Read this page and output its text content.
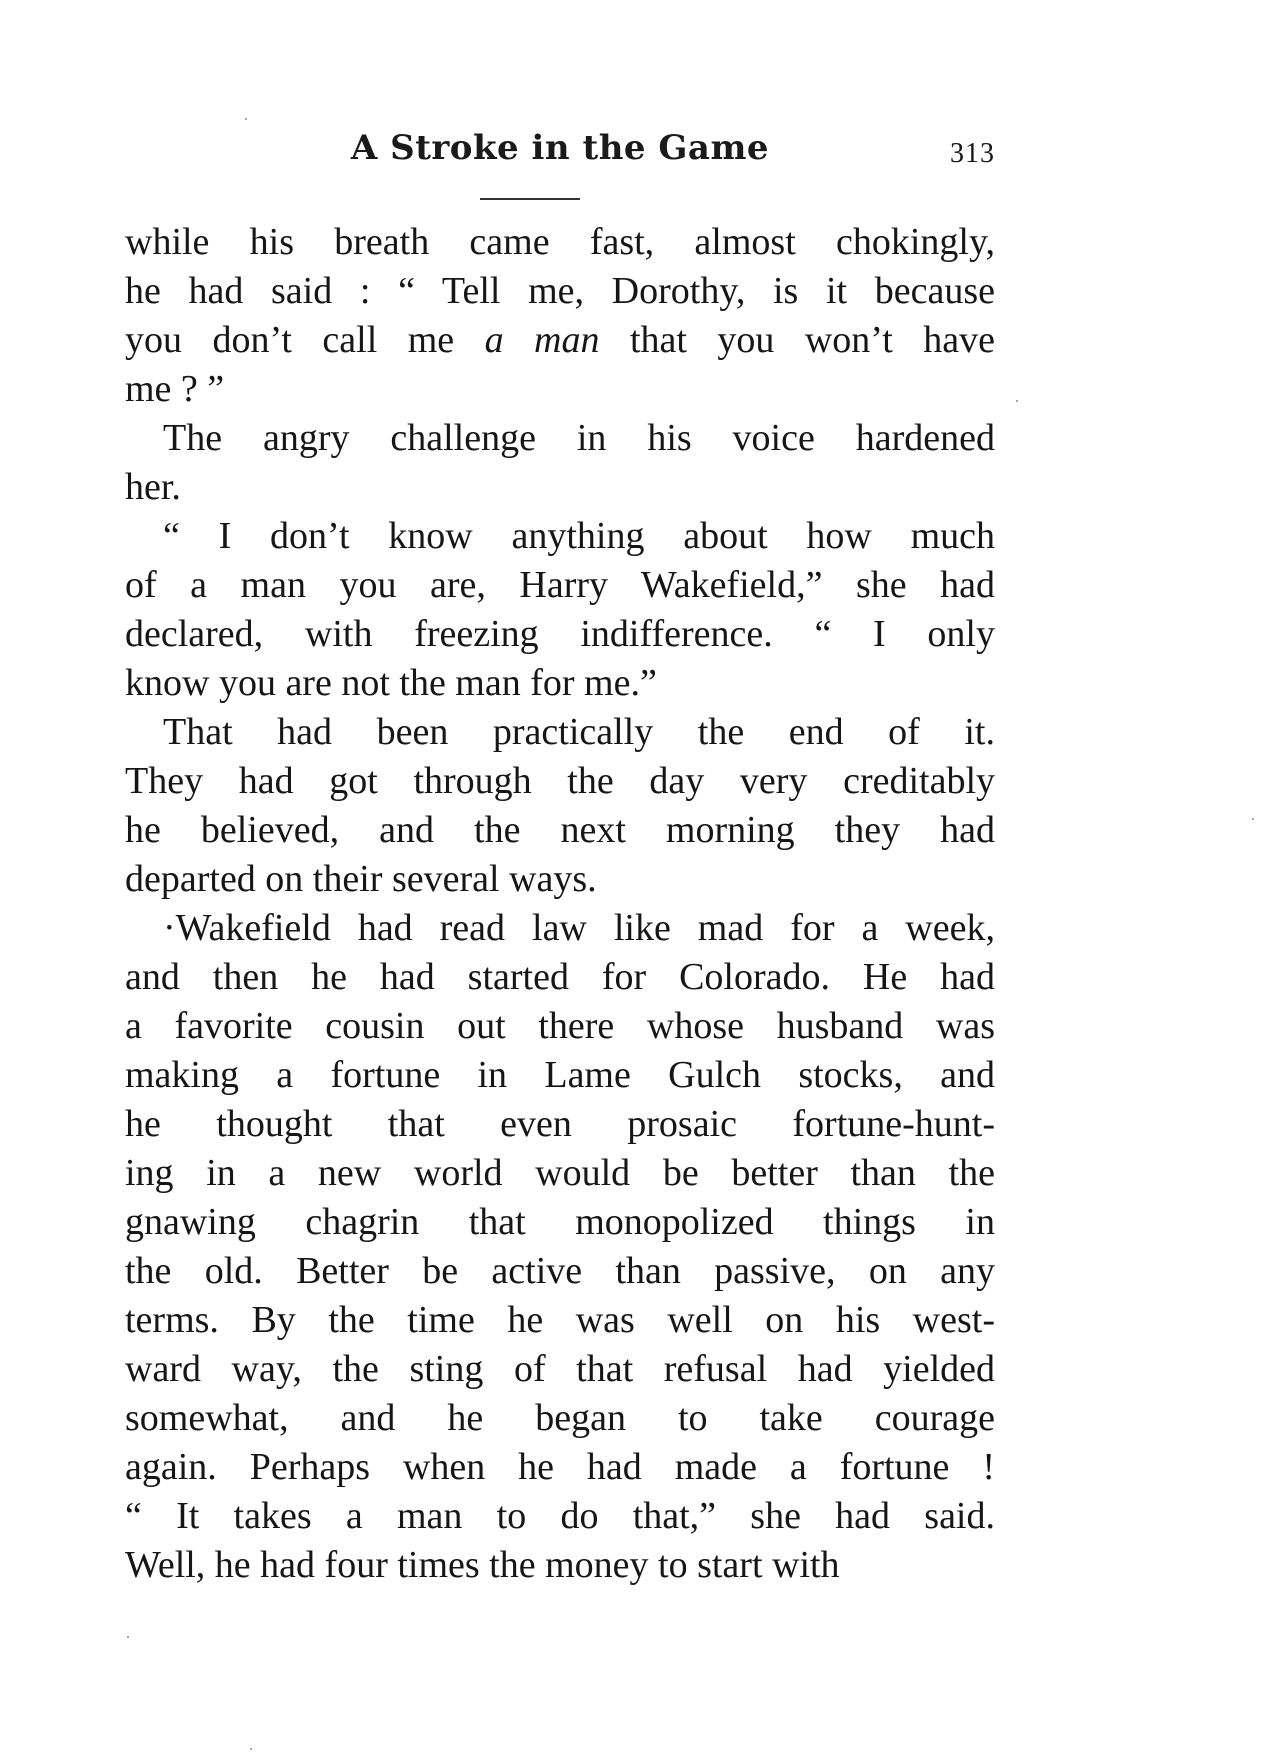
A Stroke in the Game	313
while his breath came fast, almost chokingly,
he had said : “ Tell me, Dorothy, is it because
you don’t call me a man that you won’t have
me ? ”
The angry challenge in his voice hardened
her.
“ I don’t know anything about how much
of a man you are, Harry Wakefield,” she had
declared, with freezing indifference. “ I only
know you are not the man for me.”
That had been practically the end of it.
They had got through the day very creditably
he believed, and the next morning they had
departed on their several ways.
·Wakefield had read law like mad for a week,
and then he had started for Colorado. He had
a favorite cousin out there whose husband was
making a fortune in Lame Gulch stocks, and
he thought that even prosaic fortune-hunt-
ing in a new world would be better than the
gnawing chagrin that monopolized things in
the old. Better be active than passive, on any
terms. By the time he was well on his west-
ward way, the sting of that refusal had yielded
somewhat, and he began to take courage
again. Perhaps when he had made a fortune !
“ It takes a man to do that,” she had said.
Well, he had four times the money to start with
